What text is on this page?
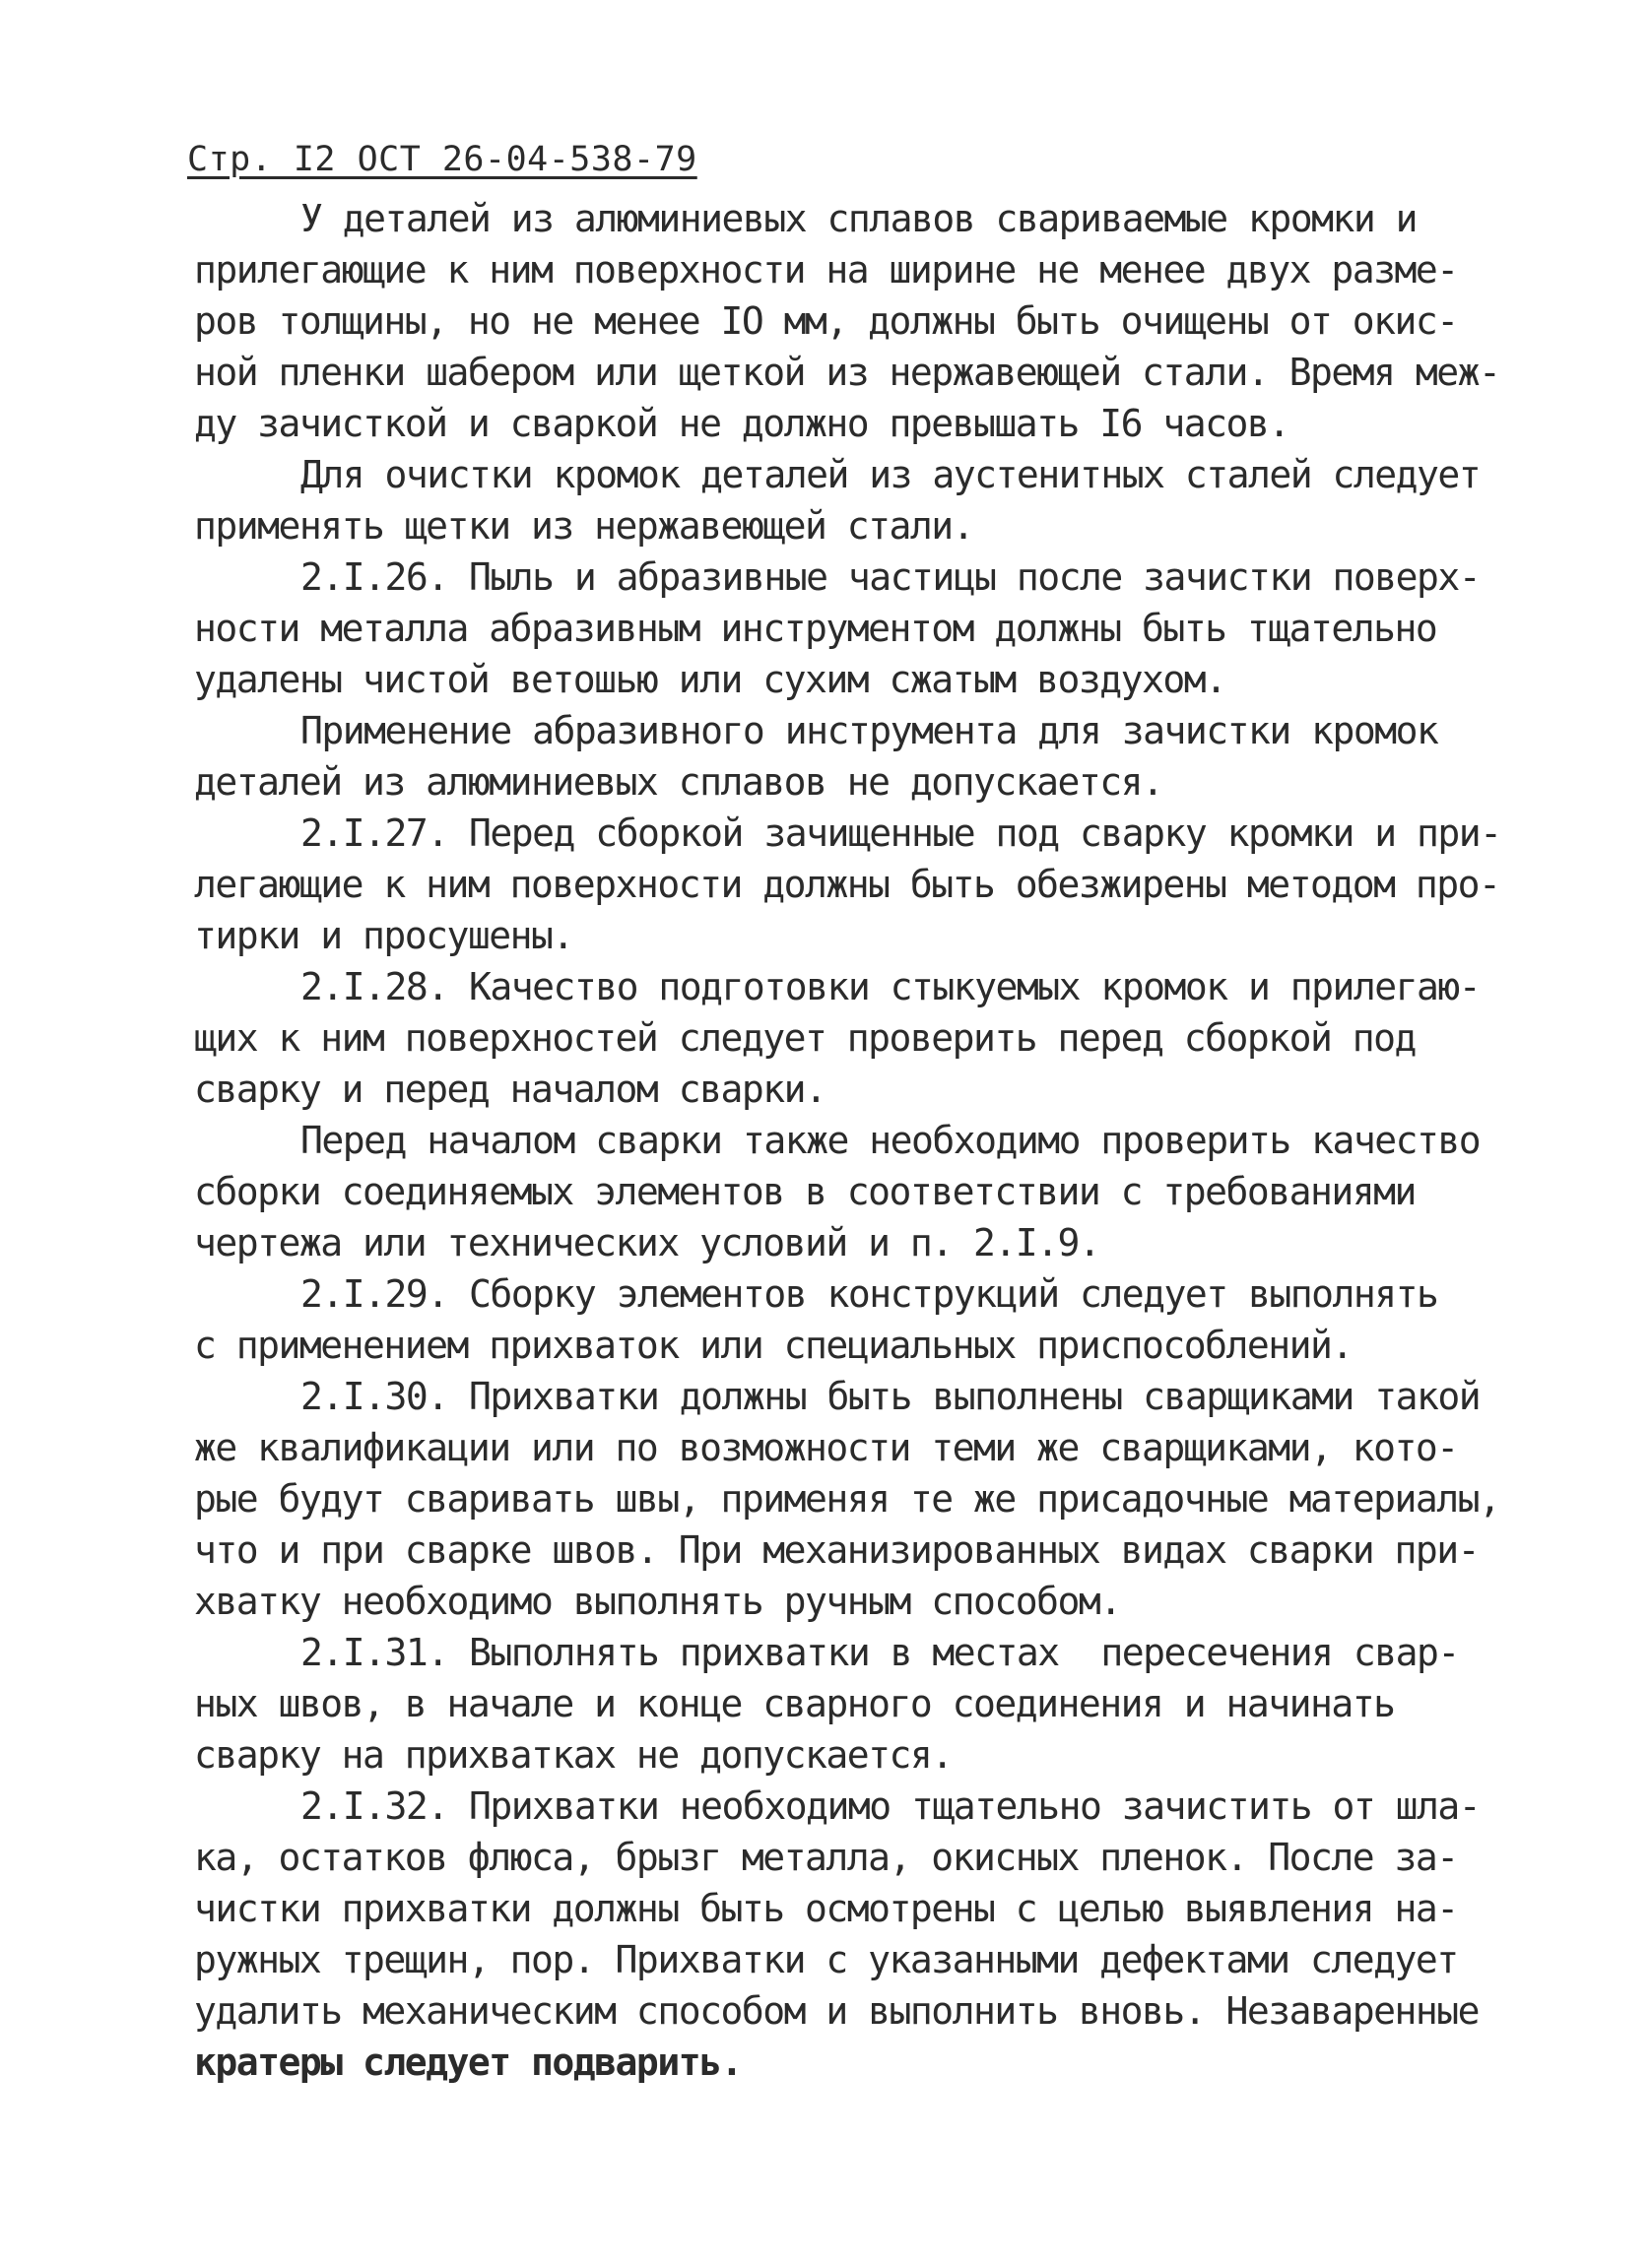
Стр. I2 ОСТ 26-04-538-79
У деталей из алюминиевых сплавов свариваемые кромки и
прилегающие к ним поверхности на ширине не менее двух разме-
ров толщины, но не менее IO мм, должны быть очищены от окис-
ной пленки шабером или щеткой из нержавеющей стали. Время меж-
ду зачисткой и сваркой не должно превышать I6 часов.
Для очистки кромок деталей из аустенитных сталей следует
применять щетки из нержавеющей стали.
2.I.26. Пыль и абразивные частицы после зачистки поверх-
ности металла абразивным инструментом должны быть тщательно
удалены чистой ветошью или сухим сжатым воздухом.
Применение абразивного инструмента для зачистки кромок
деталей из алюминиевых сплавов не допускается.
2.I.27. Перед сборкой зачищенные под сварку кромки и при-
легающие к ним поверхности должны быть обезжирены методом про-
тирки и просушены.
2.I.28. Качество подготовки стыкуемых кромок и прилегаю-
щих к ним поверхностей следует проверить перед сборкой под
сварку и перед началом сварки.
Перед началом сварки также необходимо проверить качество
сборки соединяемых элементов в соответствии с требованиями
чертежа или технических условий и п. 2.I.9.
2.I.29. Сборку элементов конструкций следует выполнять
с применением прихваток или специальных приспособлений.
2.I.30. Прихватки должны быть выполнены сварщиками такой
же квалификации или по возможности теми же сварщиками, кото-
рые будут сваривать швы, применяя те же присадочные материалы,
что и при сварке швов. При механизированных видах сварки при-
хватку необходимо выполнять ручным способом.
2.I.31. Выполнять прихватки в местах  пересечения свар-
ных швов, в начале и конце сварного соединения и начинать
сварку на прихватках не допускается.
2.I.32. Прихватки необходимо тщательно зачистить от шла-
ка, остатков флюса, брызг металла, окисных пленок. После за-
чистки прихватки должны быть осмотрены с целью выявления на-
ружных трещин, пор. Прихватки с указанными дефектами следует
удалить механическим способом и выполнить вновь. Незаваренные
кратеры следует подварить.
